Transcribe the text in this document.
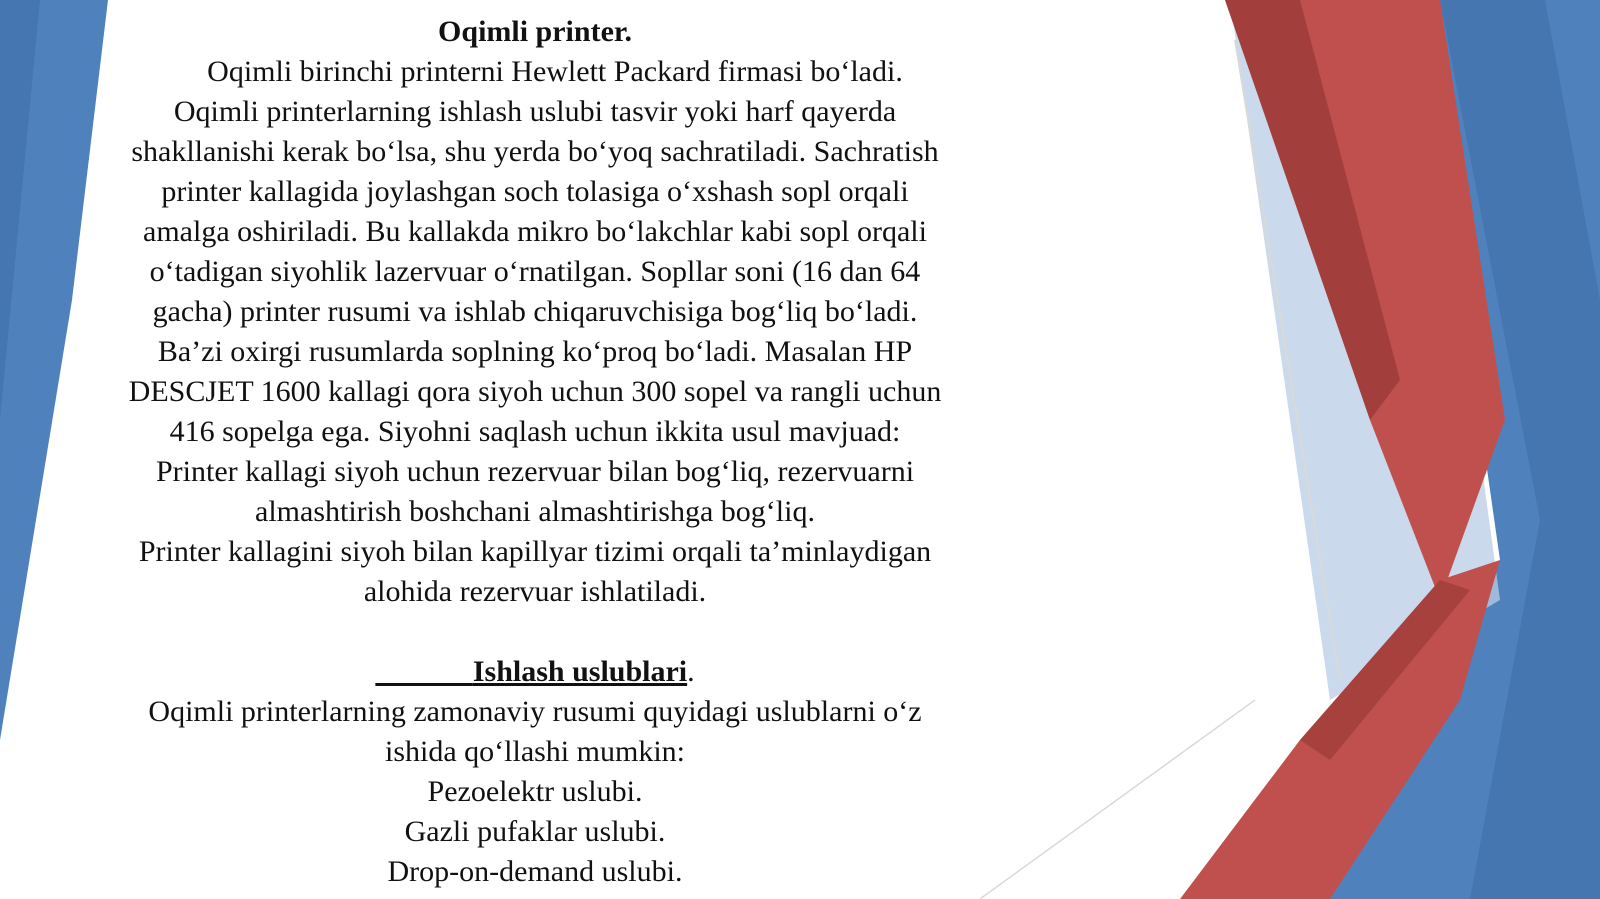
Oqimli printer.

Oqimli birinchi printerni Hewlett Packard firmasi bo‘ladi.

Oqimli printerlarning ishlash uslubi tasvir yoki harf qayerda

shakllanishi kerak bo‘lsa, shu yerda bo‘yoq sachratiladi. Sachratish

printer kallagida joylashgan soch tolasiga o‘xshash sopl orqali

amalga oshiriladi. Bu kallakda mikro bo‘lakchlar kabi sopl orqali

o‘tadigan siyohlik lazervuar o‘rnatilgan. Sopllar soni (16 dan 64

gacha) printer rusumi va ishlab chiqaruvchisiga bog‘liq bo‘ladi.

Ba’zi oxirgi rusumlarda soplning ko‘proq bo‘ladi. Masalan HP

DESCJET 1600 kallagi qora siyoh uchun 300 sopel va rangli uchun

416 sopelga ega. Siyohni saqlash uchun ikkita usul mavjuad:

Printer kallagi siyoh uchun rezervuar bilan bog‘liq, rezervuarni

almashtirish boshchani almashtirishga bog‘liq.

Printer kallagini siyoh bilan kapillyar tizimi orqali ta’minlaydigan

alohida rezervuar ishlatiladi.

Ishlash uslublari.

Oqimli printerlarning zamonaviy rusumi quyidagi uslublarni o‘z

ishida qo‘llashi mumkin:

Pezoelektr uslubi.

Gazli pufaklar uslubi.

Drop-on-demand uslubi.
